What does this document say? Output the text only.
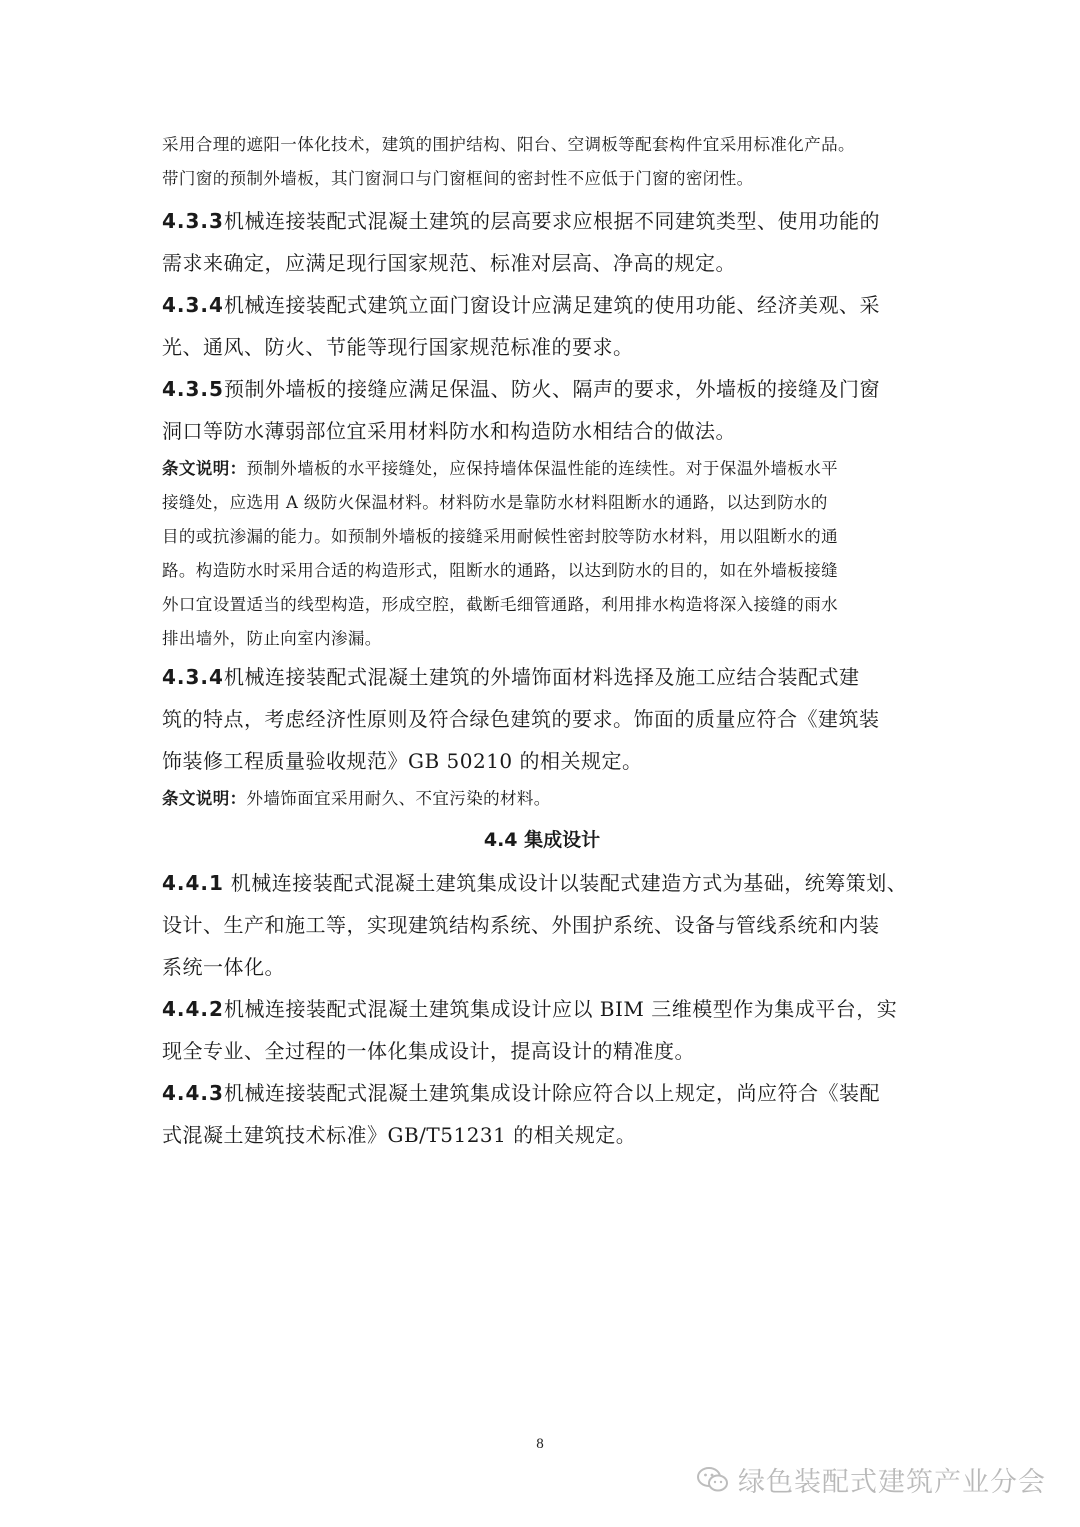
采用合理的遮阳一体化技术，建筑的围护结构、阳台、空调板等配套构件宜采用标准化产品。
带门窗的预制外墙板，其门窗洞口与门窗框间的密封性不应低于门窗的密闭性。
4.3.3机械连接装配式混凝土建筑的层高要求应根据不同建筑类型、使用功能的
需求来确定，应满足现行国家规范、标准对层高、净高的规定。
4.3.4机械连接装配式建筑立面门窗设计应满足建筑的使用功能、经济美观、采
光、通风、防火、节能等现行国家规范标准的要求。
4.3.5预制外墙板的接缝应满足保温、防火、隔声的要求，外墙板的接缝及门窗
洞口等防水薄弱部位宜采用材料防水和构造防水相结合的做法。
条文说明：预制外墙板的水平接缝处，应保持墙体保温性能的连续性。对于保温外墙板水平
接缝处，应选用 A 级防火保温材料。材料防水是靠防水材料阻断水的通路，以达到防水的
目的或抗渗漏的能力。如预制外墙板的接缝采用耐候性密封胶等防水材料，用以阻断水的通
路。构造防水时采用合适的构造形式，阻断水的通路，以达到防水的目的，如在外墙板接缝
外口宜设置适当的线型构造，形成空腔，截断毛细管通路，利用排水构造将深入接缝的雨水
排出墙外，防止向室内渗漏。
4.3.4机械连接装配式混凝土建筑的外墙饰面材料选择及施工应结合装配式建
筑的特点，考虑经济性原则及符合绿色建筑的要求。饰面的质量应符合《建筑装
饰装修工程质量验收规范》GB 50210 的相关规定。
条文说明：外墙饰面宜采用耐久、不宜污染的材料。
4.4 集成设计
4.4.1 机械连接装配式混凝土建筑集成设计以装配式建造方式为基础，统筹策划、
设计、生产和施工等，实现建筑结构系统、外围护系统、设备与管线系统和内装
系统一体化。
4.4.2机械连接装配式混凝土建筑集成设计应以 BIM 三维模型作为集成平台，实
现全专业、全过程的一体化集成设计，提高设计的精准度。
4.4.3机械连接装配式混凝土建筑集成设计除应符合以上规定，尚应符合《装配
式混凝土建筑技术标准》GB/T51231 的相关规定。
8
绿色装配式建筑产业分会
